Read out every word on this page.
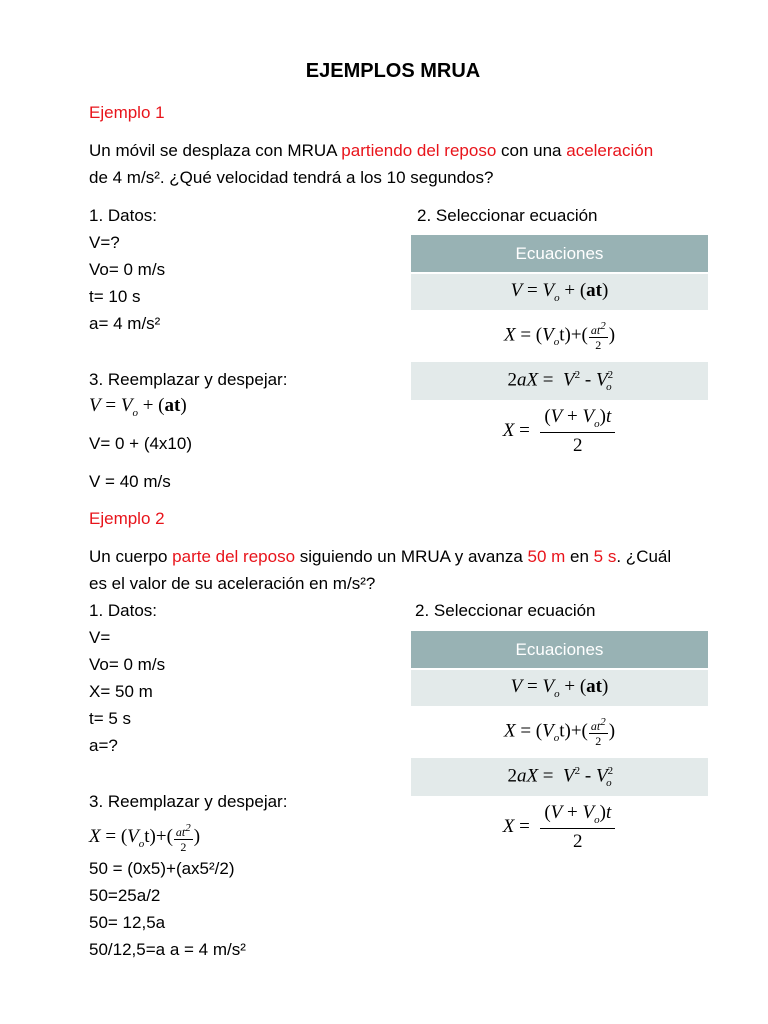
EJEMPLOS MRUA
Ejemplo 1
Un móvil se desplaza con MRUA partiendo del reposo con una aceleración
de 4 m/s². ¿Qué velocidad tendrá a los 10 segundos?
1. Datos:
V=?
Vo= 0 m/s
t= 10 s
a= 4 m/s²
2. Seleccionar ecuación
3. Reemplazar y despejar:
$V = V_o + (at)$
V= 0 + (4x10)
V = 40 m/s
Ecuaciones
$V = V_o + (at)$
$X = (V_ot)+( \frac{at^2}{2}$ )
$2aX = V^2 - V^2_o$
$X = \frac{(V + V_o)t}{2}$
Ejemplo 2
Un cuerpo parte del reposo siguiendo un MRUA y avanza 50 m en 5 s. ¿Cuál
es el valor de su aceleración en m/s²?
1. Datos:
V=
Vo= 0 m/s
X= 50 m
t= 5 s
a=?
2. Seleccionar ecuación
3. Reemplazar y despejar:
$X = (V_ot)+( \frac{at^2}{2}$ )
50 = (0x5)+(ax5²/2)
50=25a/2
50= 12,5a
50/12,5=a a = 4 m/s²
Ecuaciones
$V = V_o + (at)$
$X = (V_ot)+( \frac{at^2}{2}$ )
$2aX = V^2 - V^2_o$
$X = \frac{(V + V_o)t}{2}$
